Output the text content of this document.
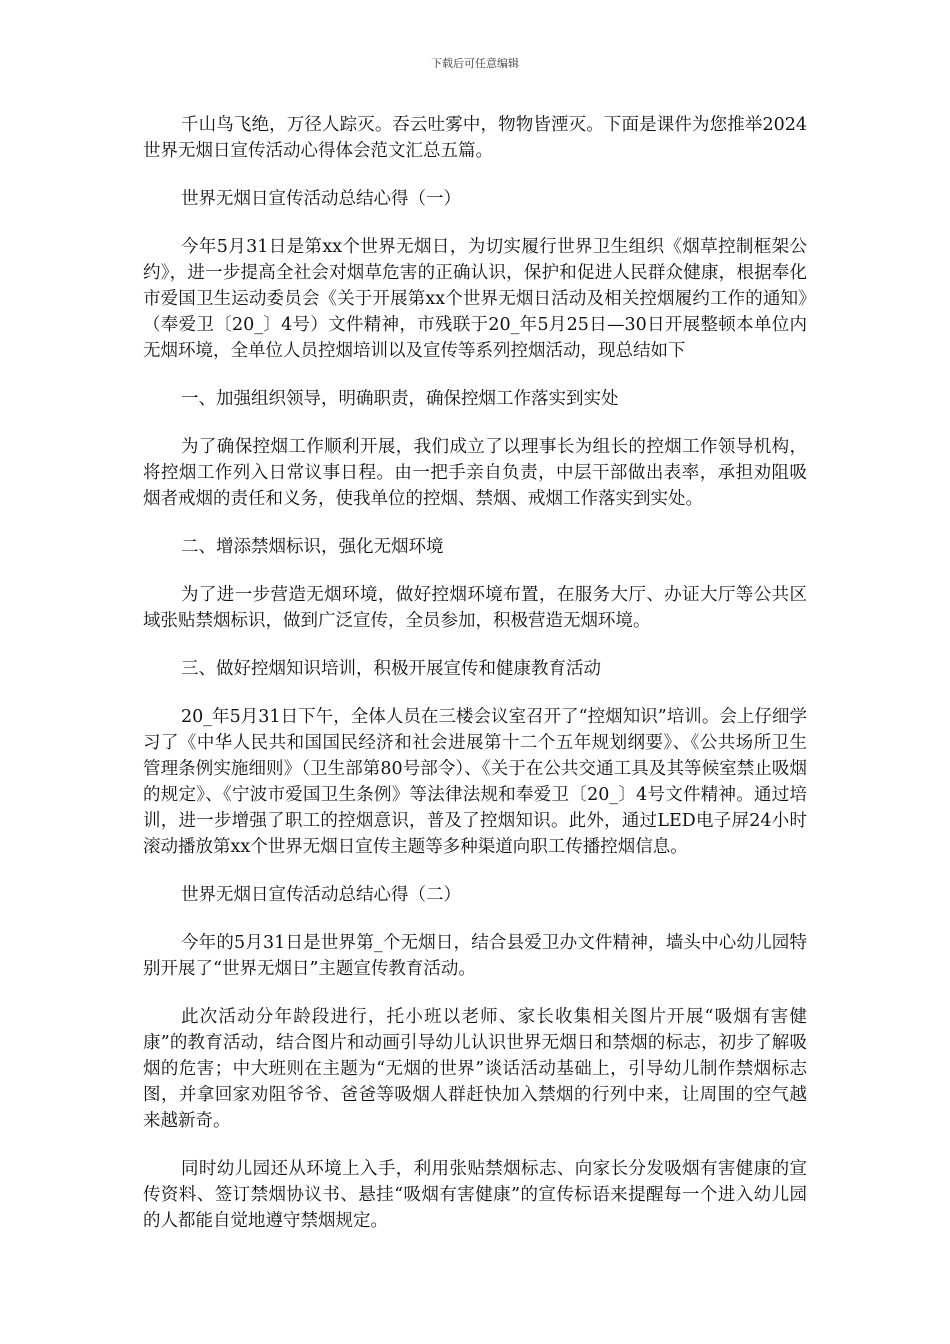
下载后可任意编辑

千山鸟飞绝，万径人踪灭。吞云吐雾中，物物皆湮灭。下面是课件为您推举2024世界无烟日宣传活动心得体会范文汇总五篇。

世界无烟日宣传活动总结心得（一）

今年5月31日是第xx个世界无烟日，为切实履行世界卫生组织《烟草控制框架公约》，进一步提高全社会对烟草危害的正确认识，保护和促进人民群众健康，根据奉化市爱国卫生运动委员会《关于开展第xx个世界无烟日活动及相关控烟履约工作的通知》（奉爱卫〔20_〕4号）文件精神，市残联于20_年5月25日—30日开展整顿本单位内无烟环境，全单位人员控烟培训以及宣传等系列控烟活动，现总结如下

一、加强组织领导，明确职责，确保控烟工作落实到实处

为了确保控烟工作顺利开展，我们成立了以理事长为组长的控烟工作领导机构，将控烟工作列入日常议事日程。由一把手亲自负责，中层干部做出表率，承担劝阻吸烟者戒烟的责任和义务，使我单位的控烟、禁烟、戒烟工作落实到实处。

二、增添禁烟标识，强化无烟环境

为了进一步营造无烟环境，做好控烟环境布置，在服务大厅、办证大厅等公共区域张贴禁烟标识，做到广泛宣传，全员参加，积极营造无烟环境。

三、做好控烟知识培训，积极开展宣传和健康教育活动

20_年5月31日下午，全体人员在三楼会议室召开了“控烟知识”培训。会上仔细学习了《中华人民共和国国民经济和社会进展第十二个五年规划纲要》、《公共场所卫生管理条例实施细则》（卫生部第80号部令）、《关于在公共交通工具及其等候室禁止吸烟的规定》、《宁波市爱国卫生条例》等法律法规和奉爱卫〔20_〕4号文件精神。通过培训，进一步增强了职工的控烟意识，普及了控烟知识。此外，通过LED电子屏24小时滚动播放第xx个世界无烟日宣传主题等多种渠道向职工传播控烟信息。

世界无烟日宣传活动总结心得（二）

今年的5月31日是世界第_个无烟日，结合县爱卫办文件精神，墙头中心幼儿园特别开展了“世界无烟日”主题宣传教育活动。

此次活动分年龄段进行，托小班以老师、家长收集相关图片开展“吸烟有害健康”的教育活动，结合图片和动画引导幼儿认识世界无烟日和禁烟的标志，初步了解吸烟的危害；中大班则在主题为“无烟的世界”谈话活动基础上，引导幼儿制作禁烟标志图，并拿回家劝阻爷爷、爸爸等吸烟人群赶快加入禁烟的行列中来，让周围的空气越来越新奇。

同时幼儿园还从环境上入手，利用张贴禁烟标志、向家长分发吸烟有害健康的宣传资料、签订禁烟协议书、悬挂“吸烟有害健康”的宣传标语来提醒每一个进入幼儿园的人都能自觉地遵守禁烟规定。
